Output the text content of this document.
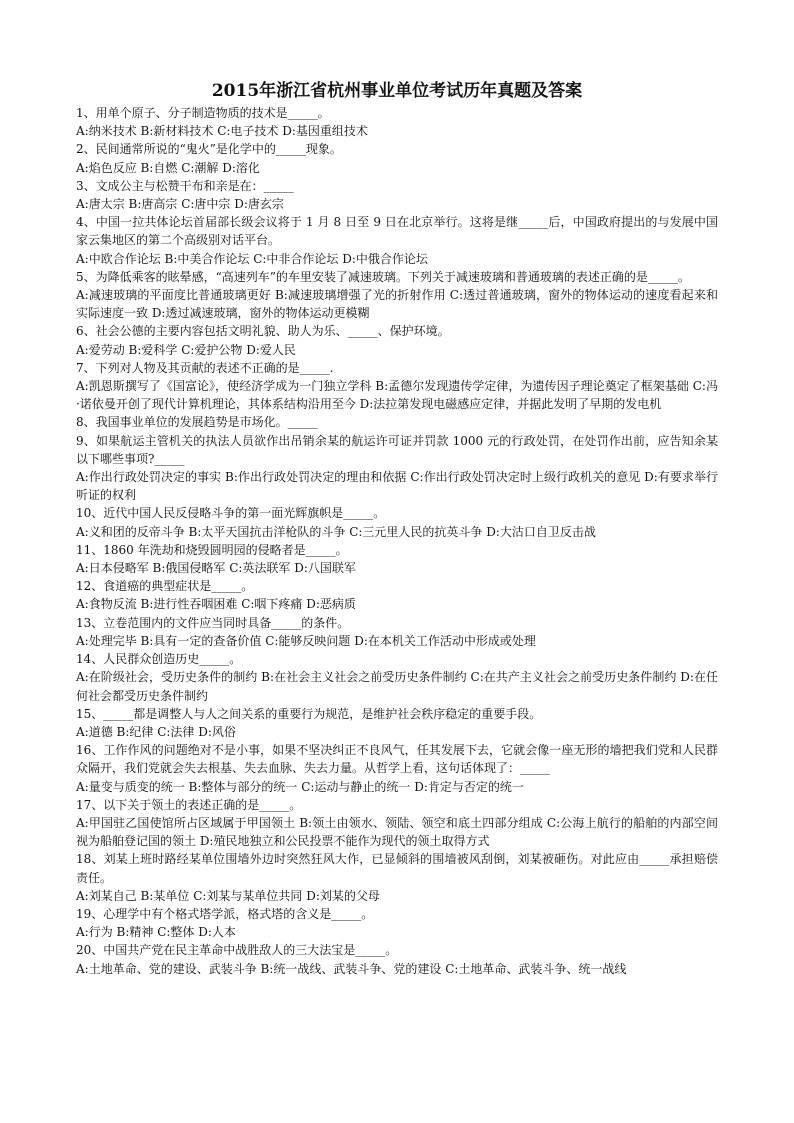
2015年浙江省杭州事业单位考试历年真题及答案
1、用单个原子、分子制造物质的技术是_____。
A:纳米技术 B:新材料技术 C:电子技术 D:基因重组技术
2、民间通常所说的“鬼火”是化学中的_____现象。
A:焰色反应 B:自燃 C:潮解 D:溶化
3、文成公主与松赞干布和亲是在：_____
A:唐太宗 B:唐高宗 C:唐中宗 D:唐玄宗
4、中国一拉共体论坛首届部长级会议将于 1 月 8 日至 9 日在北京举行。这将是继_____后，中国政府提出的与发展中国家云集地区的第二个高级别对话平台。
A:中欧合作论坛 B:中美合作论坛 C:中非合作论坛 D:中俄合作论坛
5、为降低乘客的眩晕感，“高速列车”的车里安装了减速玻璃。下列关于减速玻璃和普通玻璃的表述正确的是_____。
A:减速玻璃的平面度比普通玻璃更好 B:减速玻璃增强了光的折射作用 C:透过普通玻璃，窗外的物体运动的速度看起来和实际速度一致 D:透过减速玻璃，窗外的物体运动更模糊
6、社会公德的主要内容包括文明礼貌、助人为乐、_____、保护环境。
A:爱劳动 B:爱科学 C:爱护公物 D:爱人民
7、下列对人物及其贡献的表述不正确的是_____.
A:凯恩斯撰写了《国富论》，使经济学成为一门独立学科 B:孟德尔发现遗传学定律，为遗传因子理论奠定了框架基础 C:冯·诺依曼开创了现代计算机理论，其体系结构沿用至今 D:法拉第发现电磁感应定律，并据此发明了早期的发电机
8、我国事业单位的发展趋势是市场化。_____
9、如果航运主管机关的执法人员欲作出吊销余某的航运许可证并罚款 1000 元的行政处罚，在处罚作出前，应告知余某以下哪些事项?_____
A:作出行政处罚决定的事实 B:作出行政处罚决定的理由和依据 C:作出行政处罚决定时上级行政机关的意见 D:有要求举行听证的权利
10、近代中国人民反侵略斗争的第一面光辉旗帜是_____。
A:义和团的反帝斗争 B:太平天国抗击洋枪队的斗争 C:三元里人民的抗英斗争 D:大沽口自卫反击战
11、1860 年洗劫和烧毁圆明园的侵略者是_____。
A:日本侵略军 B:俄国侵略军 C:英法联军 D:八国联军
12、食道癌的典型症状是_____。
A:食物反流 B:进行性吞咽困难 C:咽下疼痛 D:恶病质
13、立卷范围内的文件应当同时具备_____的条件。
A:处理完毕 B:具有一定的查备价值 C:能够反映问题 D:在本机关工作活动中形成或处理
14、人民群众创造历史_____。
A:在阶级社会，受历史条件的制约 B:在社会主义社会之前受历史条件制约 C:在共产主义社会之前受历史条件制约 D:在任何社会都受历史条件制约
15、_____都是调整人与人之间关系的重要行为规范，是维护社会秩序稳定的重要手段。
A:道德 B:纪律 C:法律 D:风俗
16、工作作风的问题绝对不是小事，如果不坚决纠正不良风气，任其发展下去，它就会像一座无形的墙把我们党和人民群众隔开，我们党就会失去根基、失去血脉、失去力量。从哲学上看，这句话体现了：_____
A:量变与质变的统一 B:整体与部分的统一 C:运动与静止的统一 D:肯定与否定的统一
17、以下关于领土的表述正确的是_____。
A:甲国驻乙国使馆所占区域属于甲国领土 B:领土由领水、领陆、领空和底土四部分组成 C:公海上航行的船舶的内部空间视为船舶登记国的领土 D:殖民地独立和公民投票不能作为现代的领土取得方式
18、刘某上班时路经某单位围墙外边时突然狂风大作，已显倾斜的围墙被风刮倒，刘某被砸伤。对此应由_____承担赔偿责任。
A:刘某自己 B:某单位 C:刘某与某单位共同 D:刘某的父母
19、心理学中有个格式塔学派，格式塔的含义是_____。
A:行为 B:精神 C:整体 D:人本
20、中国共产党在民主革命中战胜敌人的三大法宝是_____。
A:土地革命、党的建设、武装斗争 B:统一战线、武装斗争、党的建设 C:土地革命、武装斗争、统一战线
